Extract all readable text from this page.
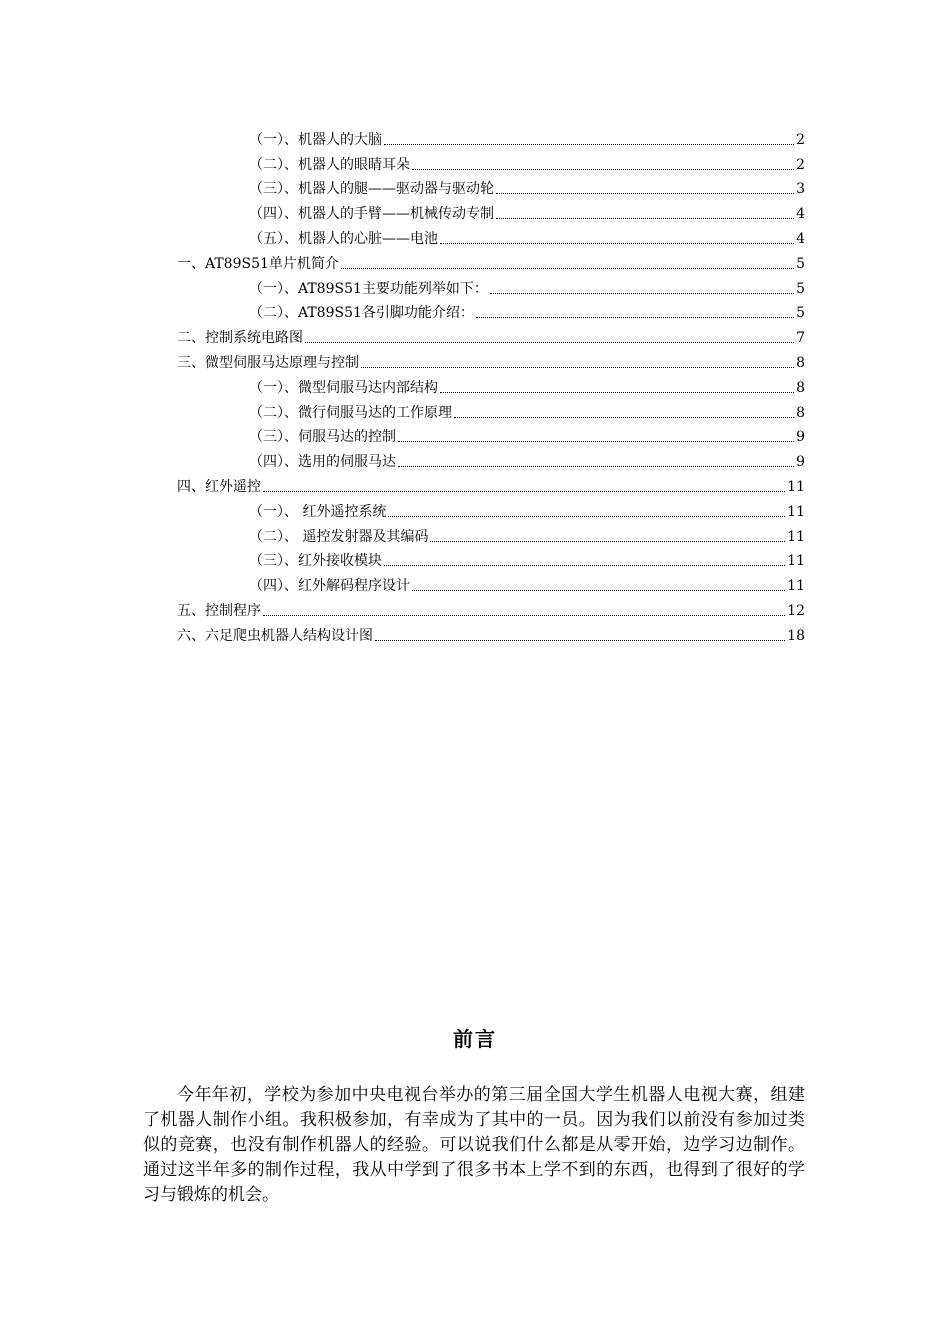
（一）、机器人的大脑	2
（二）、机器人的眼睛耳朵	2
（三）、机器人的腿——驱动器与驱动轮	3
（四）、机器人的手臂——机械传动专制	4
（五）、机器人的心脏——电池	4
一、AT89S51单片机简介	5
（一）、AT89S51主要功能列举如下：	5
（二）、AT89S51各引脚功能介绍：	5
二、控制系统电路图	7
三、微型伺服马达原理与控制	8
（一）、微型伺服马达内部结构	8
（二）、微行伺服马达的工作原理	8
（三）、伺服马达的控制	9
（四）、选用的伺服马达	9
四、红外遥控	11
（一）、 红外遥控系统	11
（二）、 遥控发射器及其编码	11
（三）、红外接收模块	11
（四）、红外解码程序设计	11
五、控制程序	12
六、六足爬虫机器人结构设计图	18
前言
今年年初，学校为参加中央电视台举办的第三届全国大学生机器人电视大赛，组建了机器人制作小组。我积极参加，有幸成为了其中的一员。因为我们以前没有参加过类似的竞赛，也没有制作机器人的经验。可以说我们什么都是从零开始，边学习边制作。通过这半年多的制作过程，我从中学到了很多书本上学不到的东西，也得到了很好的学习与锻炼的机会。
